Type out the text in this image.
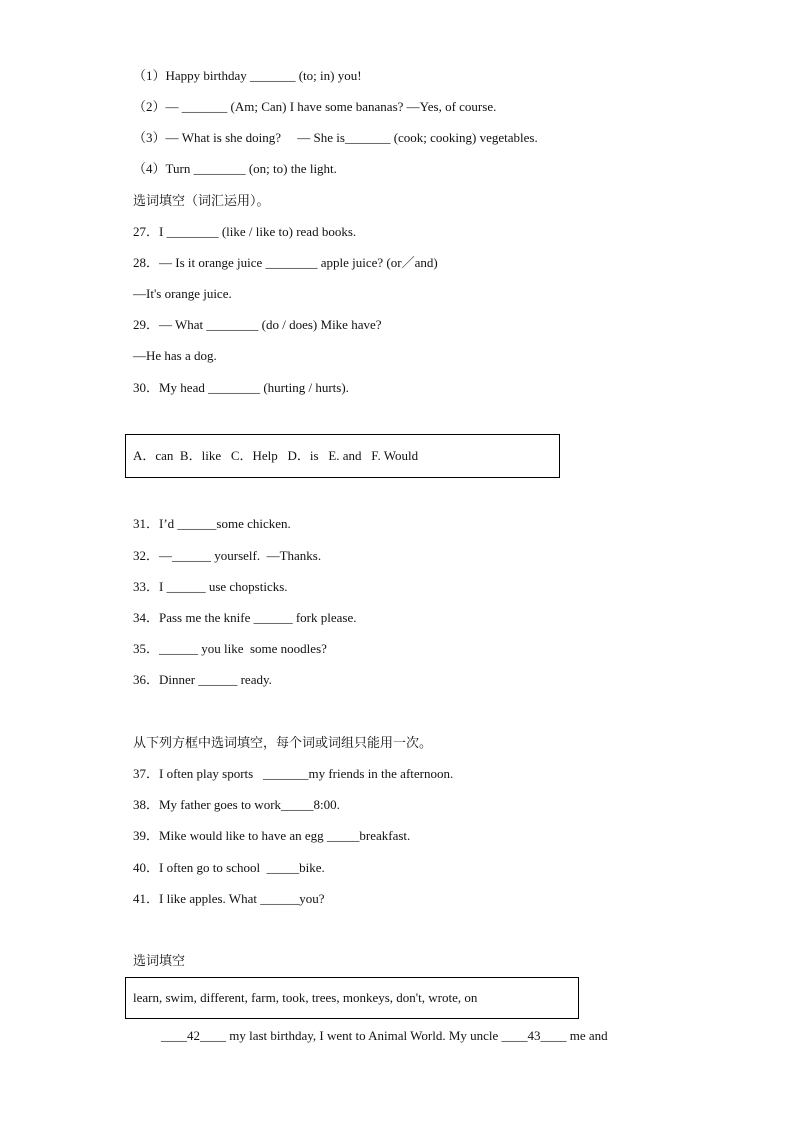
（1）Happy birthday _______ (to; in) you!
（2）— _______ (Am; Can) I have some bananas? —Yes, of course.
（3）— What is she doing?     — She is_______ (cook; cooking) vegetables.
（4）Turn ________ (on; to) the light.
选词填空（词汇运用）。
27．I ________ (like / like to) read books.
28．— Is it orange juice ________ apple juice? (or／and)
—It's orange juice.
29．— What ________ (do / does) Mike have?
—He has a dog.
30．My head ________ (hurting / hurts).
A．can  B．like   C．Help   D．is   E. and   F. Would
31．I’d ______some chicken.
32．—______ yourself.  —Thanks.
33．I ______ use chopsticks.
34．Pass me the knife ______ fork please.
35．______ you like  some noodles?
36．Dinner ______ ready.
从下列方框中选词填空，每个词或词组只能用一次。
37．I often play sports   _______my friends in the afternoon.
38．My father goes to work_____8:00.
39．Mike would like to have an egg _____breakfast.
40．I often go to school  _____bike.
41．I like apples. What ______you?
选词填空
learn, swim, different, farm, took, trees, monkeys, don't, wrote, on
____42____ my last birthday, I went to Animal World. My uncle ____43____ me and
